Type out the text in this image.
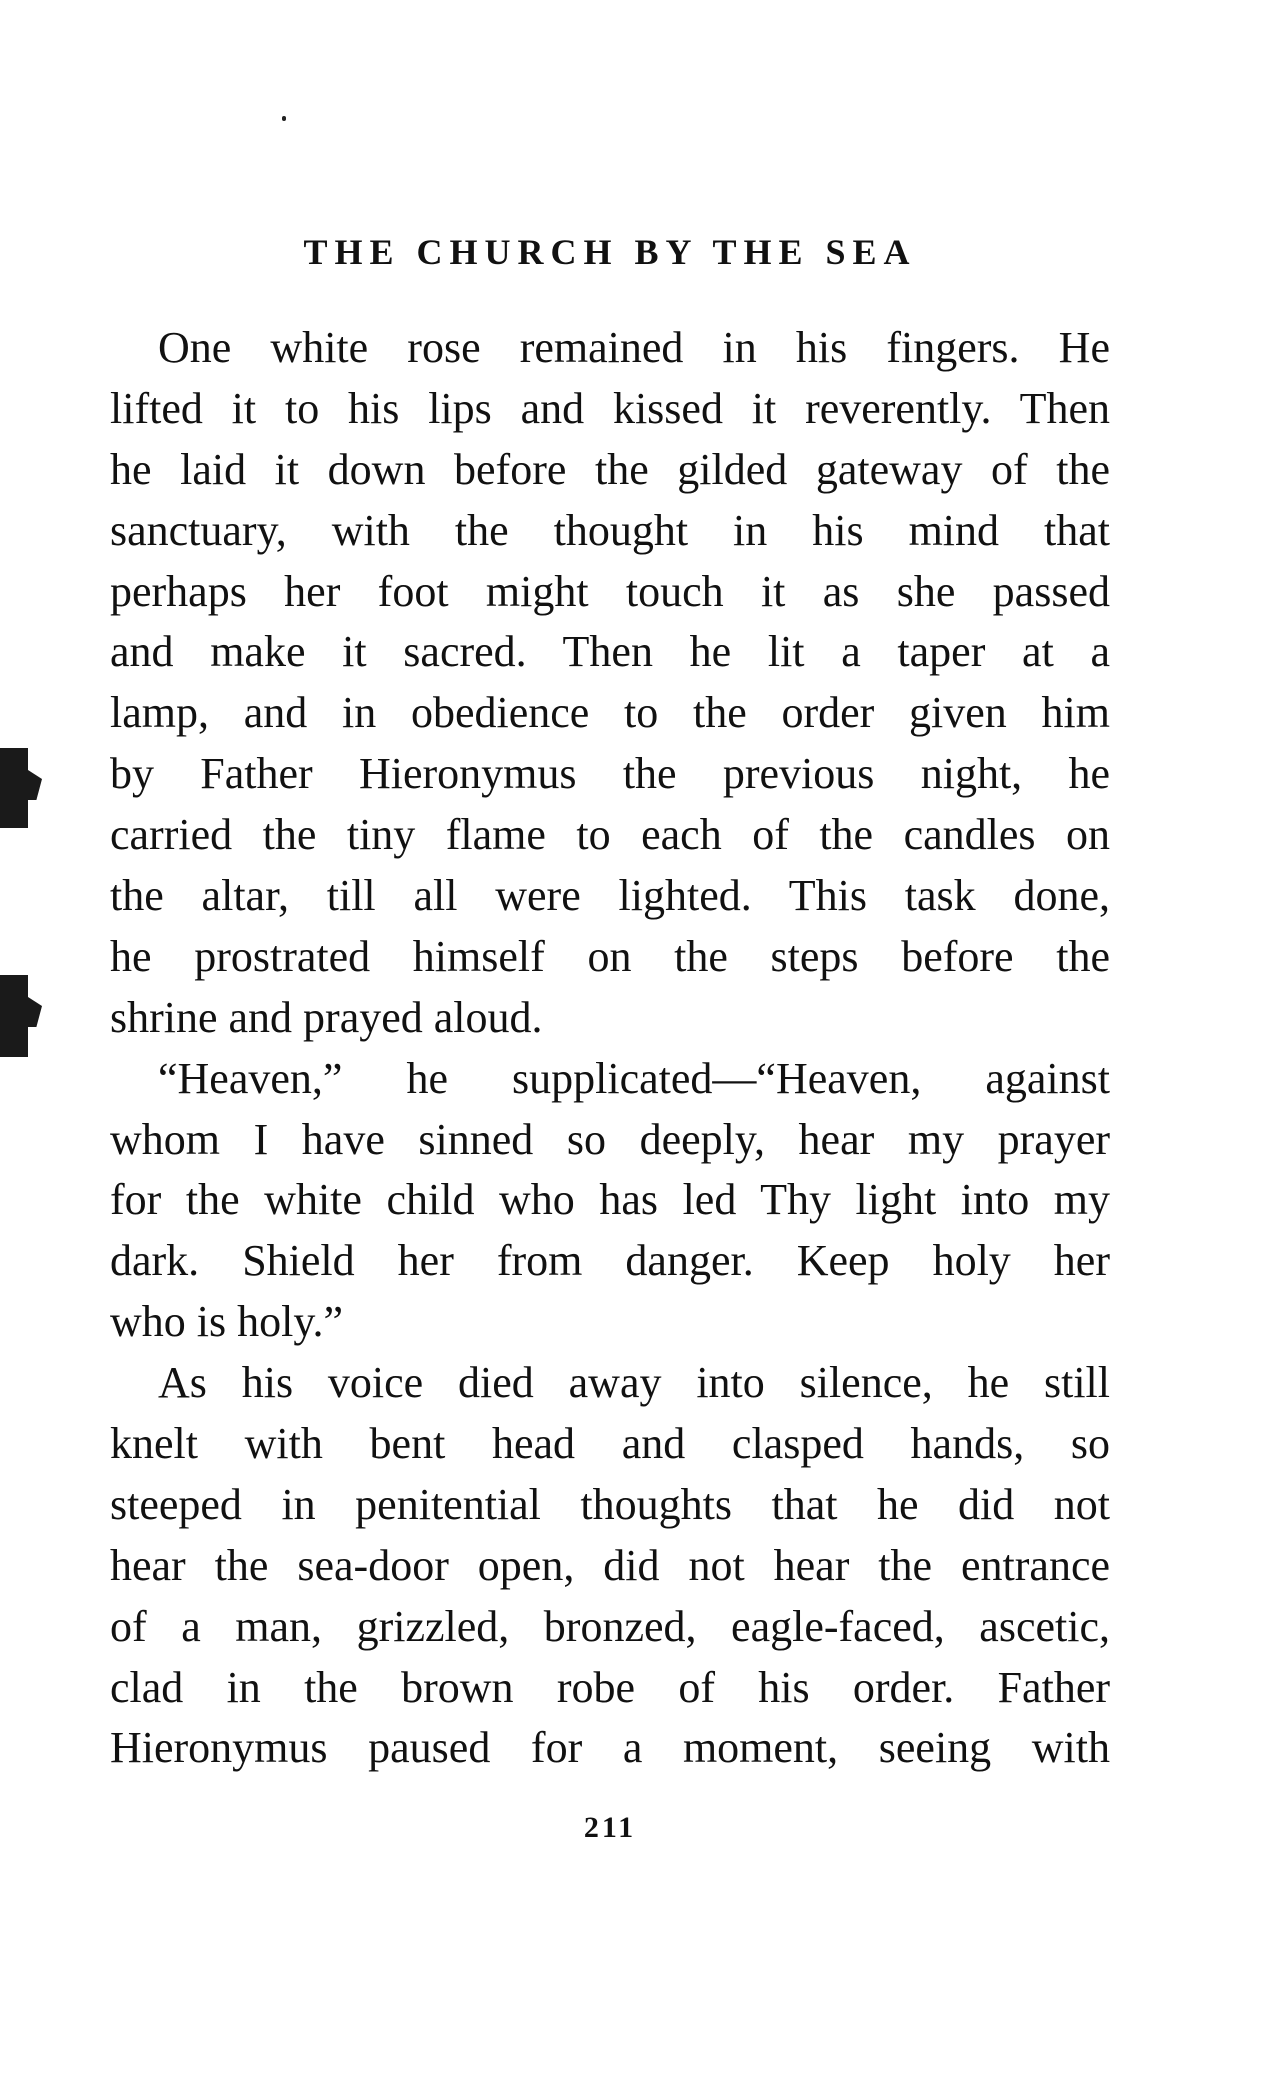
THE CHURCH BY THE SEA
One white rose remained in his fingers. He
lifted it to his lips and kissed it reverently. Then
he laid it down before the gilded gateway of the
sanctuary, with the thought in his mind that
perhaps her foot might touch it as she passed
and make it sacred. Then he lit a taper at a
lamp, and in obedience to the order given him
by Father Hieronymus the previous night, he
carried the tiny flame to each of the candles on
the altar, till all were lighted. This task done,
he prostrated himself on the steps before the
shrine and prayed aloud.
“Heaven,” he supplicated—“Heaven, against
whom I have sinned so deeply, hear my prayer
for the white child who has led Thy light into my
dark. Shield her from danger. Keep holy her
who is holy.”
As his voice died away into silence, he still
knelt with bent head and clasped hands, so
steeped in penitential thoughts that he did not
hear the sea-door open, did not hear the entrance
of a man, grizzled, bronzed, eagle-faced, ascetic,
clad in the brown robe of his order. Father
Hieronymus paused for a moment, seeing with
211
